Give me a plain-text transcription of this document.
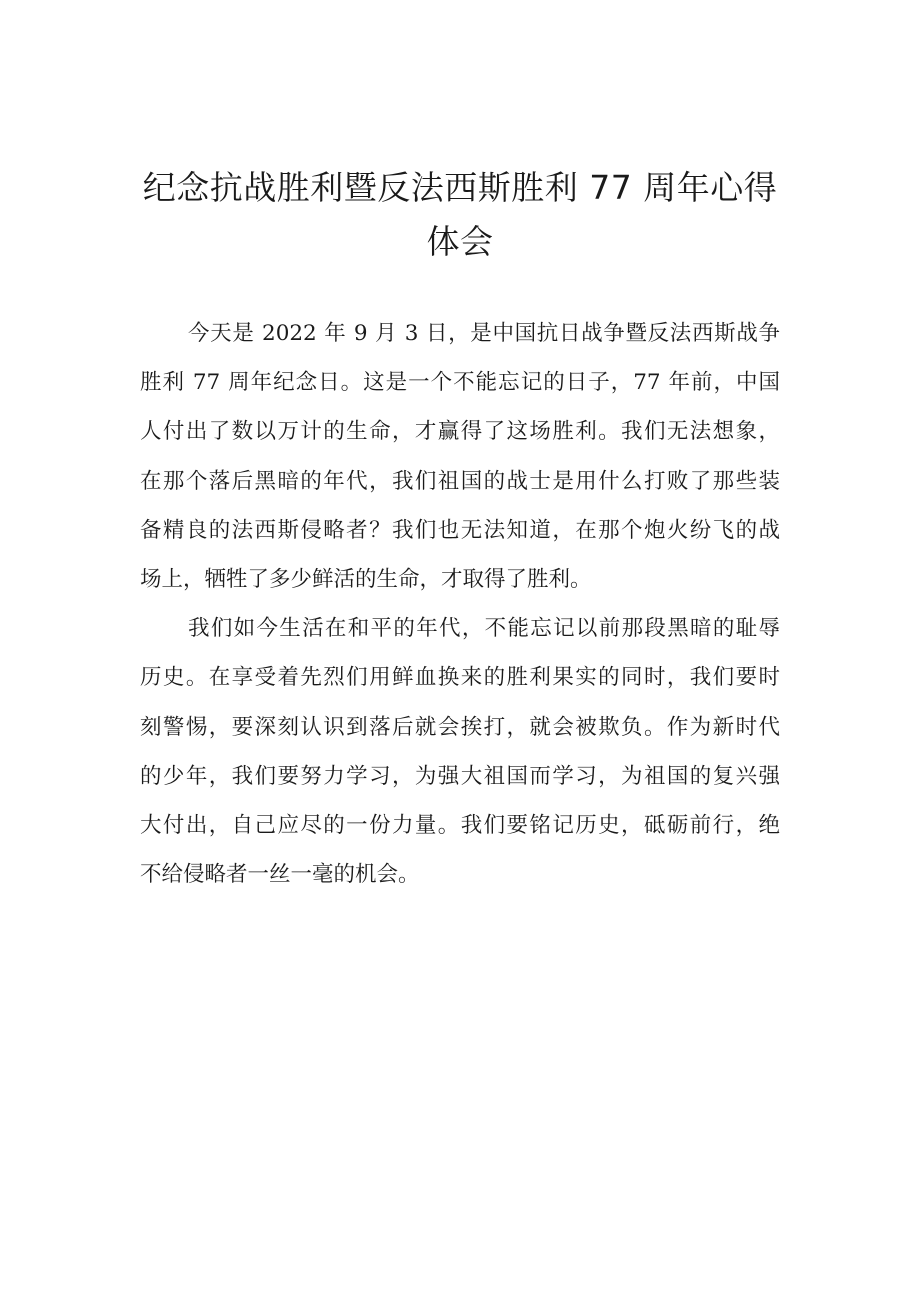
纪念抗战胜利暨反法西斯胜利 77 周年心得
体会

今天是 2022 年 9 月 3 日，是中国抗日战争暨反法西斯战争
胜利 77 周年纪念日。这是一个不能忘记的日子，77 年前，中国
人付出了数以万计的生命，才赢得了这场胜利。我们无法想象，
在那个落后黑暗的年代，我们祖国的战士是用什么打败了那些装
备精良的法西斯侵略者？我们也无法知道，在那个炮火纷飞的战
场上，牺牲了多少鲜活的生命，才取得了胜利。

我们如今生活在和平的年代，不能忘记以前那段黑暗的耻辱
历史。在享受着先烈们用鲜血换来的胜利果实的同时，我们要时
刻警惕，要深刻认识到落后就会挨打，就会被欺负。作为新时代
的少年，我们要努力学习，为强大祖国而学习，为祖国的复兴强
大付出，自己应尽的一份力量。我们要铭记历史，砥砺前行，绝
不给侵略者一丝一毫的机会。
